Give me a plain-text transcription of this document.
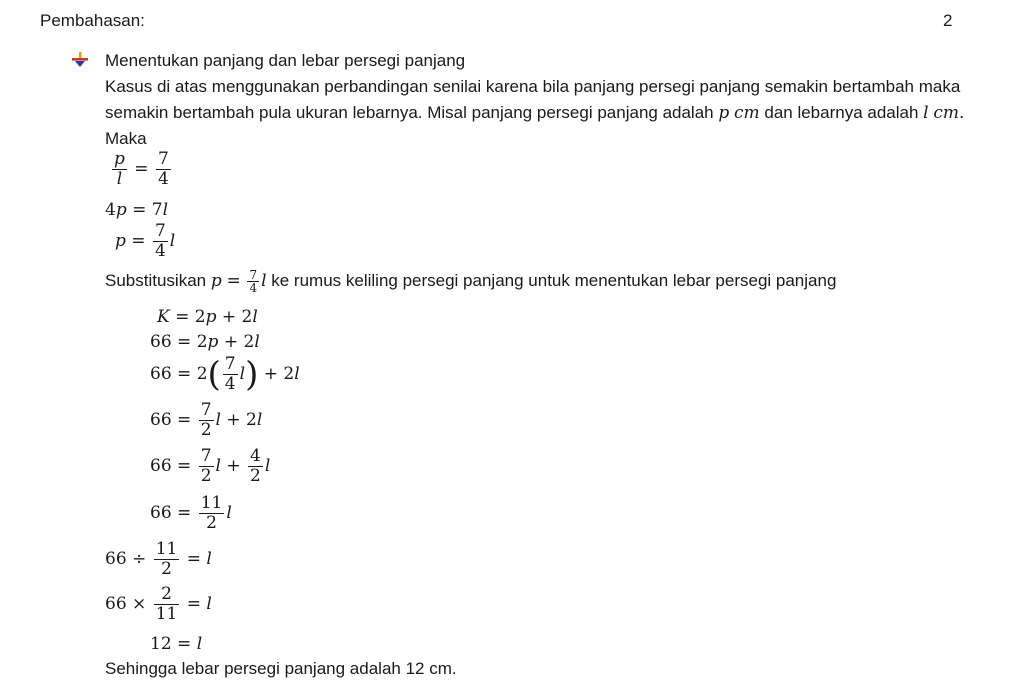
Pembahasan:	2
Menentukan panjang dan lebar persegi panjang
Kasus di atas menggunakan perbandingan senilai karena bila panjang persegi panjang semakin bertambah maka
semakin bertambah pula ukuran lebarnya. Misal panjang persegi panjang adalah p cm dan lebarnya adalah l cm.
Maka
$\frac{p}{l} = \frac{7}{4}$
4p = 7l
$p = \frac{7}{4}$ l
Substitusikan $p = \frac{7}{4}$ l ke rumus keliling persegi panjang untuk menentukan lebar persegi panjang
K = 2p + 2l
66 = 2p + 2l
$66 = 2( \frac{7}{4} l) + 2l$
$66 = \frac{7}{2}$ l + 2l
$66 = \frac{7}{2}$ $l + \frac{4}{2}$ l
$66 = \frac{11}{2}$ l
$66 \div \frac{11}{2} = l$
$66 \times \frac{2}{11} = l$
12 = l
Sehingga lebar persegi panjang adalah 12 cm.
